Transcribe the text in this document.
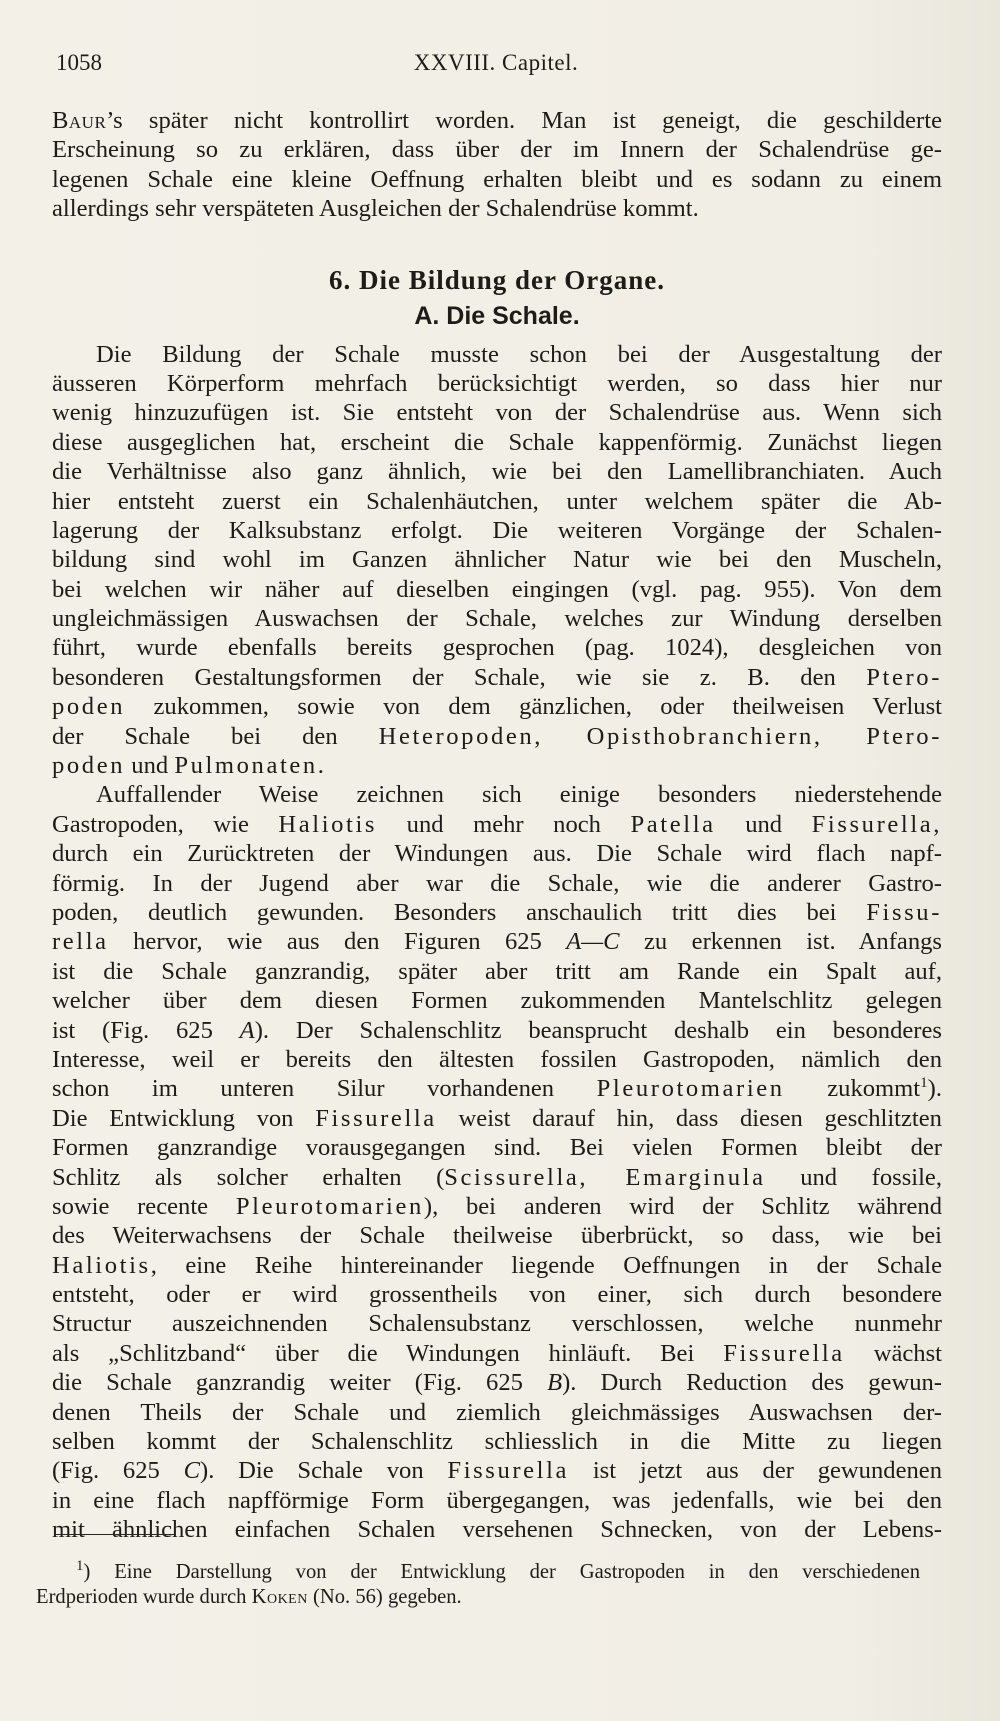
1058	XXVIII. Capitel.
Baur’s später nicht kontrollirt worden. Man ist geneigt, die geschilderte
Erscheinung so zu erklären, dass über der im Innern der Schalendrüse ge-
legenen Schale eine kleine Oeffnung erhalten bleibt und es sodann zu einem
allerdings sehr verspäteten Ausgleichen der Schalendrüse kommt.
6. Die Bildung der Organe.
A. Die Schale.
Die Bildung der Schale musste schon bei der Ausgestaltung der
äusseren Körperform mehrfach berücksichtigt werden, so dass hier nur
wenig hinzuzufügen ist. Sie entsteht von der Schalendrüse aus. Wenn sich
diese ausgeglichen hat, erscheint die Schale kappenförmig. Zunächst liegen
die Verhältnisse also ganz ähnlich, wie bei den Lamellibranchiaten. Auch
hier entsteht zuerst ein Schalenhäutchen, unter welchem später die Ab-
lagerung der Kalksubstanz erfolgt. Die weiteren Vorgänge der Schalen-
bildung sind wohl im Ganzen ähnlicher Natur wie bei den Muscheln,
bei welchen wir näher auf dieselben eingingen (vgl. pag. 955). Von dem
ungleichmässigen Auswachsen der Schale, welches zur Windung derselben
führt, wurde ebenfalls bereits gesprochen (pag. 1024), desgleichen von
besonderen Gestaltungsformen der Schale, wie sie z. B. den Ptero-
poden zukommen, sowie von dem gänzlichen, oder theilweisen Verlust
der Schale bei den Heteropoden, Opisthobranchiern, Ptero-
poden und Pulmonaten.
Auffallender Weise zeichnen sich einige besonders niederstehende
Gastropoden, wie Haliotis und mehr noch Patella und Fissurella,
durch ein Zurücktreten der Windungen aus. Die Schale wird flach napf-
förmig. In der Jugend aber war die Schale, wie die anderer Gastro-
poden, deutlich gewunden. Besonders anschaulich tritt dies bei Fissu-
rella hervor, wie aus den Figuren 625 A—C zu erkennen ist. Anfangs
ist die Schale ganzrandig, später aber tritt am Rande ein Spalt auf,
welcher über dem diesen Formen zukommenden Mantelschlitz gelegen
ist (Fig. 625 A). Der Schalenschlitz beansprucht deshalb ein besonderes
Interesse, weil er bereits den ältesten fossilen Gastropoden, nämlich den
schon im unteren Silur vorhandenen Pleurotomarien zukommt$^1$).
Die Entwicklung von Fissurella weist darauf hin, dass diesen geschlitzten
Formen ganzrandige vorausgegangen sind. Bei vielen Formen bleibt der
Schlitz als solcher erhalten (Scissurella, Emarginula und fossile,
sowie recente Pleurotomarien), bei anderen wird der Schlitz während
des Weiterwachsens der Schale theilweise überbrückt, so dass, wie bei
Haliotis, eine Reihe hintereinander liegende Oeffnungen in der Schale
entsteht, oder er wird grossentheils von einer, sich durch besondere
Structur auszeichnenden Schalensubstanz verschlossen, welche nunmehr
als „Schlitzband“ über die Windungen hinläuft. Bei Fissurella wächst
die Schale ganzrandig weiter (Fig. 625 B). Durch Reduction des gewun-
denen Theils der Schale und ziemlich gleichmässiges Auswachsen der-
selben kommt der Schalenschlitz schliesslich in die Mitte zu liegen
(Fig. 625 C). Die Schale von Fissurella ist jetzt aus der gewundenen
in eine flach napfförmige Form übergegangen, was jedenfalls, wie bei den
mit ähnlichen einfachen Schalen versehenen Schnecken, von der Lebens-
$^1$) Eine Darstellung von der Entwicklung der Gastropoden in den verschiedenen
Erdperioden wurde durch Koken (No. 56) gegeben.
